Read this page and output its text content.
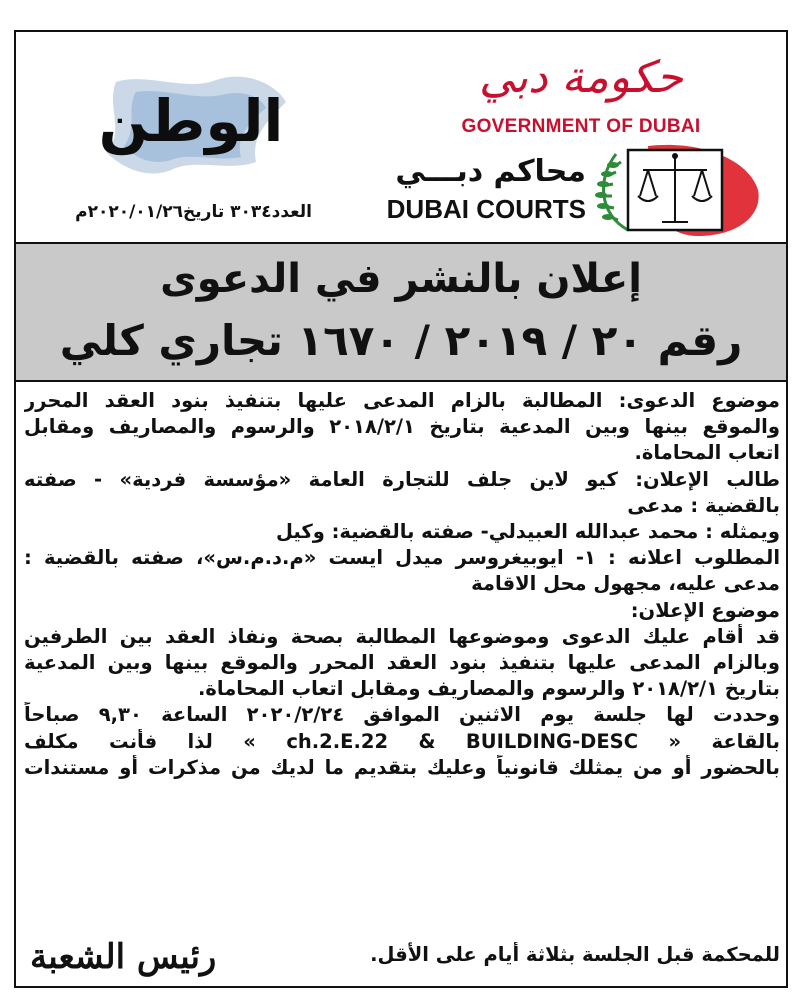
الوطن
العدد٣٠٣٤ تاريخ٢٠٢٠/٠١/٢٦م
حكومة دبي
GOVERNMENT OF DUBAI
محاكم دبـــي
DUBAI COURTS
إعلان بالنشر في الدعوى
رقم ٢٠ / ٢٠١٩ / ١٦٧٠ تجاري كلي
موضوع الدعوى: المطالبة بالزام المدعى عليها بتنفيذ بنود العقد المحرر
والموقع بينها وبين المدعية بتاريخ ٢٠١٨/٢/١ والرسوم والمصاريف ومقابل
اتعاب المحاماة.
طالب الإعلان: كيو لاين جلف للتجارة العامة «مؤسسة فردية» - صفته
بالقضية : مدعى
ويمثله : محمد عبدالله العبيدلي- صفته بالقضية: وكيل
المطلوب اعلانه : ١- ايوبيغروسر ميدل ايست «م.د.م.س»، صفته بالقضية :
مدعى عليه، مجهول محل الاقامة
موضوع الإعلان:
قد أقام عليك الدعوى وموضوعها المطالبة بصحة ونفاذ العقد بين الطرفين
وبالزام المدعى عليها بتنفيذ بنود العقد المحرر والموقع بينها وبين المدعية
بتاريخ ٢٠١٨/٢/١ والرسوم والمصاريف ومقابل اتعاب المحاماة.
وحددت لها جلسة يوم الاثنين الموافق ٢٠٢٠/٢/٢٤ الساعة ٩,٣٠ صباحاً
بالقاعة « ch.2.E.22 & BUILDING-DESC » لذا فأنت مكلف
بالحضور أو من يمثلك قانونياً وعليك بتقديم ما لديك من مذكرات أو مستندات
للمحكمة قبل الجلسة بثلاثة أيام على الأقل.
رئيس الشعبة
